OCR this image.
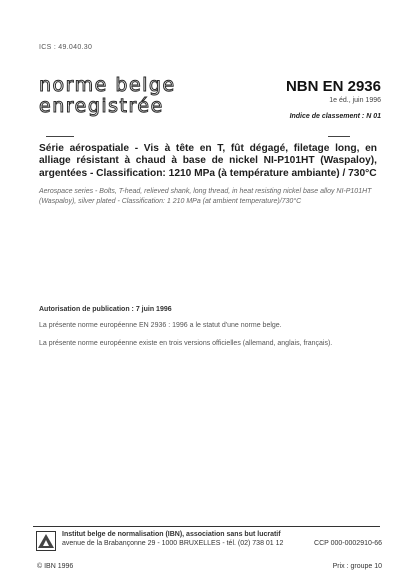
ICS : 49.040.30
norme belge
enregistrée
NBN EN 2936
1e éd., juin 1996
Indice de classement : N 01
Série aérospatiale - Vis à tête en T, fût dégagé, filetage long, en alliage résistant à chaud à base de nickel NI-P101HT (Waspaloy), argentées - Classification: 1210 MPa (à température ambiante) / 730°C
Aerospace series - Bolts, T-head, relieved shank, long thread, in heat resisting nickel base alloy NI-P101HT (Waspaloy), silver plated - Classification: 1 210 MPa (at ambient temperature)/730°C
Autorisation de publication : 7 juin 1996
La présente norme européenne EN 2936 : 1996 a le statut d'une norme belge.
La présente norme européenne existe en trois versions officielles (allemand, anglais, français).
Institut belge de normalisation (IBN), association sans but lucratif
avenue de la Brabançonne 29 - 1000 BRUXELLES - tél. (02) 738 01 12	CCP 000-0002910-66
© IBN 1996	Prix : groupe 10
